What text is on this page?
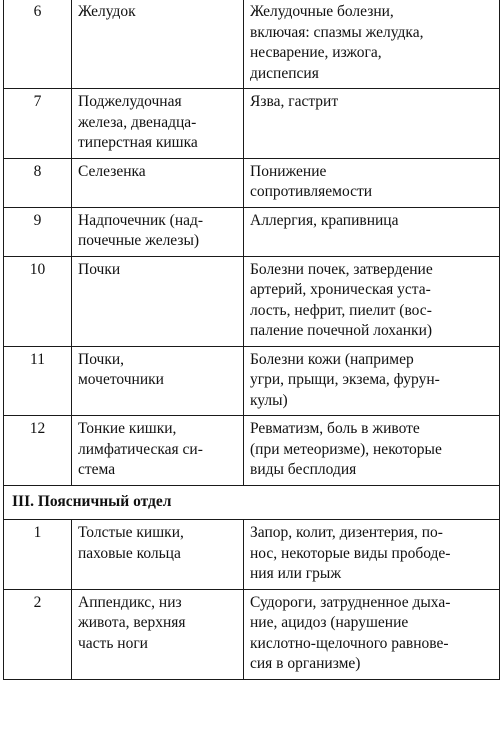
6	Желудок	Желудочные болезни,
включая: спазмы желудка,
несварение, изжога,
диспепсия
7	Поджелудочная
железа, двенадца-
типерстная кишка	Язва, гастрит
8	Селезенка	Понижение
сопротивляемости
9	Надпочечник (над-
почечные железы)	Аллергия, крапивница
10	Почки	Болезни почек, затвердение
артерий, хроническая уста-
лость, нефрит, пиелит (вос-
паление почечной лоханки)
11	Почки,
мочеточники	Болезни кожи (например
угри, прыщи, экзема, фурун-
кулы)
12	Тонкие кишки,
лимфатическая си-
стема	Ревматизм, боль в животе
(при метеоризме), некоторые
виды бесплодия
III. Поясничный отдел		
1	Толстые кишки,
паховые кольца	Запор, колит, дизентерия, по-
нос, некоторые виды прободе-
ния или грыж
2	Аппендикс, низ
живота, верхняя
часть ноги	Судороги, затрудненное дыха-
ние, ацидоз (нарушение
кислотно-щелочного равнове-
сия в организме)
